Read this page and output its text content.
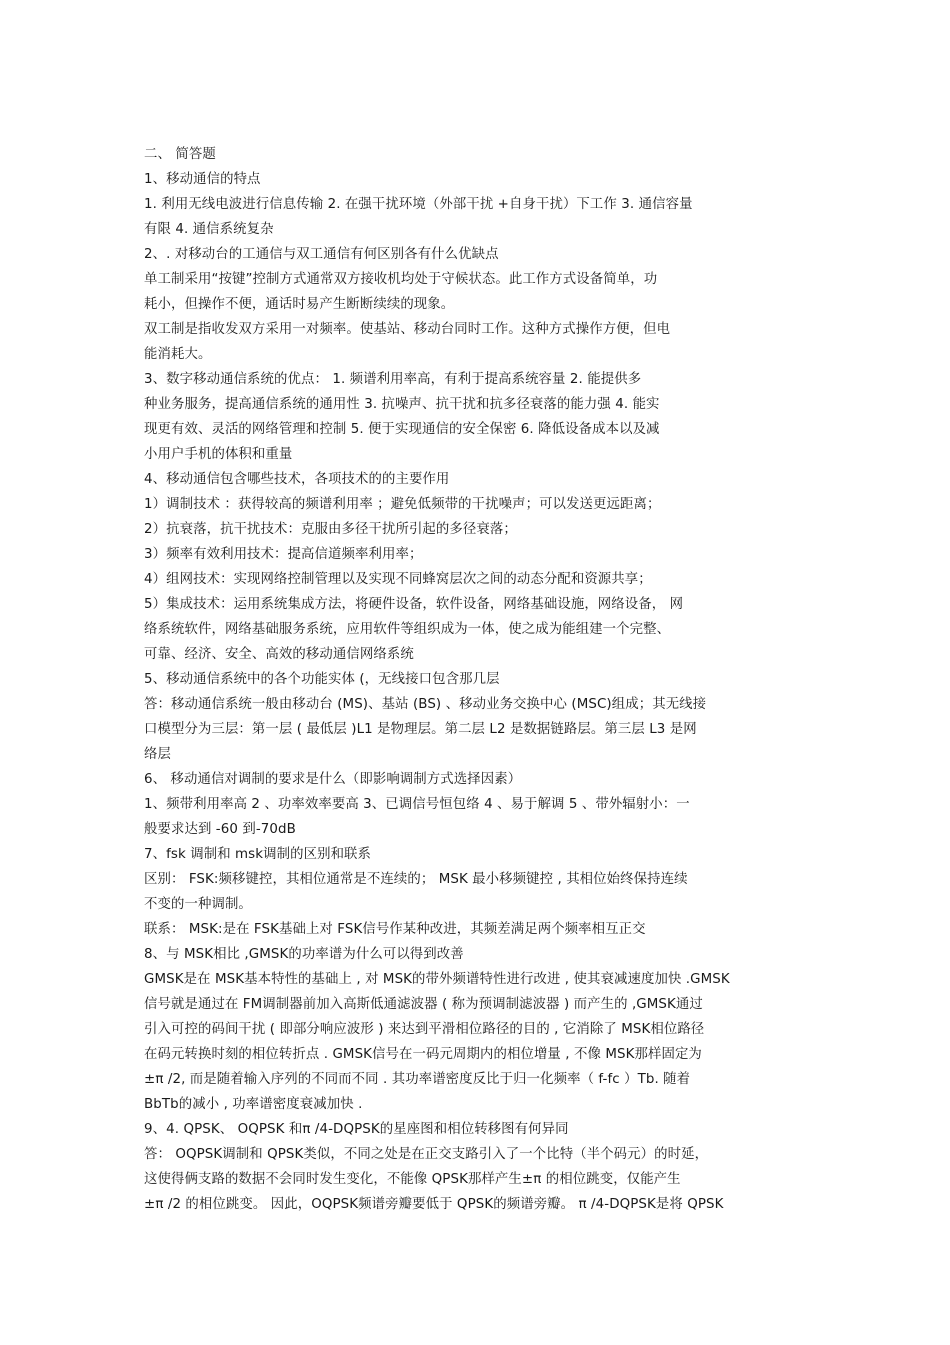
二、 简答题
1、移动通信的特点
1. 利用无线电波进行信息传输 2. 在强干扰环境（外部干扰 +自身干扰）下工作 3. 通信容量
有限 4. 通信系统复杂
2、. 对移动台的工通信与双工通信有何区别各有什么优缺点
单工制采用“按键”控制方式通常双方接收机均处于守候状态。此工作方式设备简单，功
耗小，但操作不便，通话时易产生断断续续的现象。
双工制是指收发双方采用一对频率。使基站、移动台同时工作。这种方式操作方便，但电
能消耗大。
3、数字移动通信系统的优点： 1. 频谱利用率高，有利于提高系统容量 2. 能提供多
种业务服务，提高通信系统的通用性 3. 抗噪声、抗干扰和抗多径衰落的能力强 4. 能实
现更有效、灵活的网络管理和控制 5. 便于实现通信的安全保密 6. 降低设备成本以及减
小用户手机的体积和重量
4、移动通信包含哪些技术，各项技术的的主要作用
1）调制技术 ：获得较高的频谱利用率 ；避免低频带的干扰噪声；可以发送更远距离；
2）抗衰落，抗干扰技术：克服由多径干扰所引起的多径衰落；
3）频率有效利用技术：提高信道频率利用率；
4）组网技术：实现网络控制管理以及实现不同蜂窝层次之间的动态分配和资源共享；
5）集成技术：运用系统集成方法，将硬件设备，软件设备，网络基础设施，网络设备， 网
络系统软件，网络基础服务系统，应用软件等组织成为一体，使之成为能组建一个完整、
可靠、经济、安全、高效的移动通信网络系统
5、移动通信系统中的各个功能实体 (，无线接口包含那几层
答：移动通信系统一般由移动台 (MS)、基站 (BS) 、移动业务交换中心 (MSC)组成；其无线接
口模型分为三层：第一层 ( 最低层 )L1 是物理层。第二层 L2 是数据链路层。第三层 L3 是网
络层
6、 移动通信对调制的要求是什么（即影响调制方式选择因素）
1、频带利用率高 2 、功率效率要高 3、已调信号恒包络 4 、易于解调 5 、带外辐射小：一
般要求达到 -60 到-70dB
7、fsk 调制和 msk调制的区别和联系
区别： FSK:频移键控，其相位通常是不连续的； MSK 最小移频键控 , 其相位始终保持连续
不变的一种调制。
联系： MSK:是在 FSK基础上对 FSK信号作某种改进，其频差满足两个频率相互正交
8、与 MSK相比 ,GMSK的功率谱为什么可以得到改善
GMSK是在 MSK基本特性的基础上 , 对 MSK的带外频谱特性进行改进 , 使其衰减速度加快 .GMSK
信号就是通过在 FM调制器前加入高斯低通滤波器 ( 称为预调制滤波器 ) 而产生的 ,GMSK通过
引入可控的码间干扰 ( 即部分响应波形 ) 来达到平滑相位路径的目的 , 它消除了 MSK相位路径
在码元转换时刻的相位转折点 . GMSK信号在一码元周期内的相位增量 , 不像 MSK那样固定为
±π /2, 而是随着输入序列的不同而不同 . 其功率谱密度反比于归一化频率（ f-fc ）Tb. 随着
BbTb的减小 , 功率谱密度衰减加快 .
9、4. QPSK、 OQPSK 和π /4-DQPSK的星座图和相位转移图有何异同
答： OQPSK调制和 QPSK类似，不同之处是在正交支路引入了一个比特（半个码元）的时延，
这使得俩支路的数据不会同时发生变化，不能像 QPSK那样产生±π 的相位跳变，仅能产生
±π /2 的相位跳变。 因此，OQPSK频谱旁瓣要低于 QPSK的频谱旁瓣。 π /4-DQPSK是将 QPSK
